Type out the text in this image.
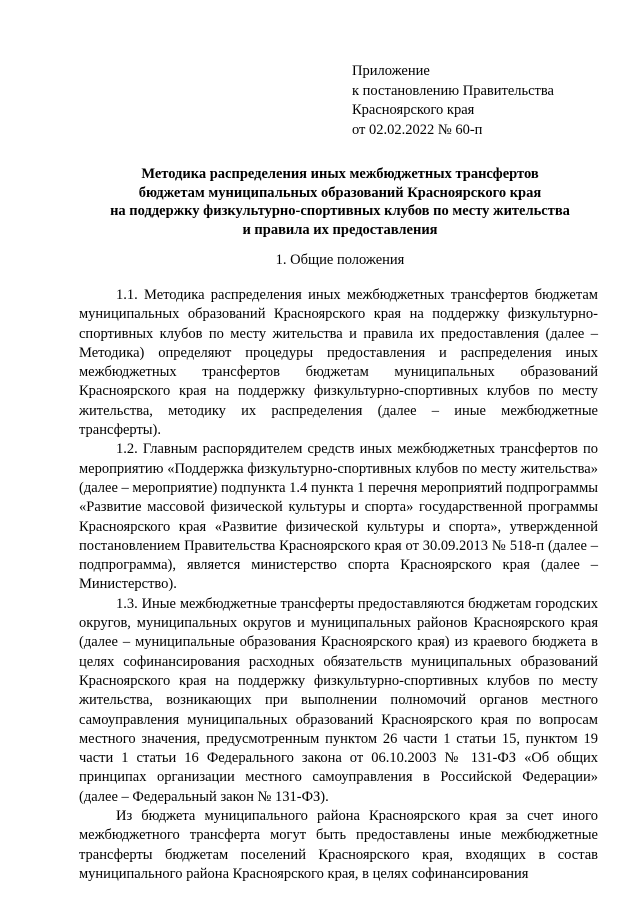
Приложение
к постановлению Правительства
Красноярского края
от 02.02.2022 № 60-п
Методика распределения иных межбюджетных трансфертов
бюджетам муниципальных образований Красноярского края
на поддержку физкультурно-спортивных клубов по месту жительства
и правила их предоставления
1. Общие положения

1.1. Методика распределения иных межбюджетных трансфертов бюджетам муниципальных образований Красноярского края на поддержку физкультурно-спортивных клубов по месту жительства и правила их предоставления (далее – Методика) определяют процедуры предоставления и распределения иных межбюджетных трансфертов бюджетам муниципальных образований Красноярского края на поддержку физкультурно-спортивных клубов по месту жительства, методику их распределения (далее – иные межбюджетные трансферты).

1.2. Главным распорядителем средств иных межбюджетных трансфертов по мероприятию «Поддержка физкультурно-спортивных клубов по месту жительства» (далее – мероприятие) подпункта 1.4 пункта 1 перечня мероприятий подпрограммы «Развитие массовой физической культуры и спорта» государственной программы Красноярского края «Развитие физической культуры и спорта», утвержденной постановлением Правительства Красноярского края от 30.09.2013 № 518-п (далее – подпрограмма), является министерство спорта Красноярского края (далее – Министерство).

1.3. Иные межбюджетные трансферты предоставляются бюджетам городских округов, муниципальных округов и муниципальных районов Красноярского края (далее – муниципальные образования Красноярского края) из краевого бюджета в целях софинансирования расходных обязательств муниципальных образований Красноярского края на поддержку физкультурно-спортивных клубов по месту жительства, возникающих при выполнении полномочий органов местного самоуправления муниципальных образований Красноярского края по вопросам местного значения, предусмотренным пунктом 26 части 1 статьи 15, пунктом 19 части 1 статьи 16 Федерального закона от 06.10.2003 № 131-ФЗ «Об общих принципах организации местного самоуправления в Российской Федерации» (далее – Федеральный закон № 131-ФЗ).

Из бюджета муниципального района Красноярского края за счет иного межбюджетного трансферта могут быть предоставлены иные межбюджетные трансферты бюджетам поселений Красноярского края, входящих в состав муниципального района Красноярского края, в целях софинансирования
